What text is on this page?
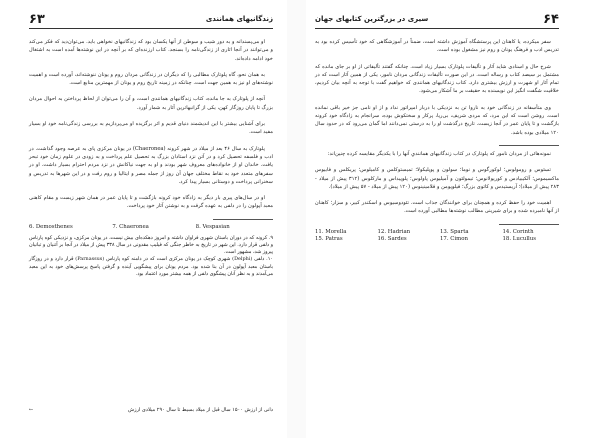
زندگانیهای همانندی
۶۳

او می‌پسندانه و به دور شیب و سوطن از آنها یکسان بود که زندگانیهای نخواهی باید. می‌توان‌دید که فکر می‌کند و می‌توانند در آنجا اثاری از زندگی‌نامه را بسنجد. کتاب ارزنده‌ای که بر آنچه در این نوشته‌ها آمده است به اشتغال خود ادامه داده‌اند.

به همان نحو، گاه پلوتارک مطالبی را که دیگران در زندگانی مردان روم و یونان ننوشته‌اند، آورده است و اهمیت نوشته‌های او نیز به همین جهت است. چنانکه در زمینه تاریخ روم و یونان از مهمترین منابع است.

آنچه از پلوتارک به جا مانده، کتاب زندگانیهای همانندی است، و آن را می‌توان از لحاظ پرداختن به احوال مردان بزرگ تا پایان روزگار کهن، یکی از گرانبهاترین آثار به شمار آورد.

برای آشنایی بیشتر با این اندیشمند دنیای قدیم و اثر برگزیده او می‌پردازیم به بررسی زندگی‌نامه خود او بسیار مفید است.

پلوتارک به سال ۴۶ بعد از میلاد در شهر کرونه (Chaeronea) در یونان مرکزی پای به عرصه وجود گذاشت. در ادب و فلسفه تحصیل کرد و در آتن نزد استادان بزرگ به تحصیل علم پرداخت و به زودی در علوم زمان خود تبحر یافت. خاندان او از خانواده‌های معروف شهر بودند و او به جهت نیاکانش در نزد مردم احترام بسیار داشت. او در سفرهای متعدد خود به نقاط مختلف جهان آن روز از جمله مصر و ایتالیا و روم رفت و در این شهرها به تدریس و سخنرانی پرداخت و دوستانی بسیار پیدا کرد.

او در سال‌های پیری بار دیگر به زادگاه خود کرونه بازگشت و تا پایان عمر در همان شهر زیست و مقام کاهنی معبد آپولون را در دلفی به عهده گرفت و به نوشتن آثار خود پرداخت.

6. Demosthenes	7. Chaeronea	8. Vespasian

۹. کرونه که در دوران باستان شهری فراوان داشته و امروز دهکده‌ای بیش نیست، در یونان مرکزی، و نزدیکی کوه پارناس و دلفی قرار دارد. این شهر در تاریخ به خاطر جنگی که فیلیپ مقدونی در سال ۳۳۸ پیش از میلاد در آنجا بر آتنیان و تبانیان پیروز شد، مشهور است.

۱۰. دلفی (Delphi) شهری کوچک در یونان مرکزی است که در دامنه کوه پارناس (Parnassus) قرار دارد و در روزگار باستان معبد آپولون در آن بنا شده بود. مردم یونان برای پیشگویی آینده و گرفتن پاسخ پرسش‌های خود به این معبد می‌آمدند و به نظر آنان پیشگوی دلفی از همه بیشتر مورد اعتماد بود.

دانی از ارزش ۱۵۰۰ سال قبل از میلاد بسیط تا سال ۲۹۰ میلادی ارزش
←
۶۴
سیری در بزرگترین کتابهای جهان

سفر میکرده، یا کاهنان این پرستشگاه آموزش داشته است، ضمناً در آموزشگاهی که خود تأسیس کرده بود به تدریس ادب و فرهنگ یونان و روم نیز مشغول بوده است.

شرح حال و اسنادی شاید آثار و تألیفات پلوتارک بسیار زیاد است. چنانکه گفتند تألیفاتی از او بر جای مانده که مشتمل بر سیصد کتاب و رساله است. در این صورت تألیفات زندگانی مردان نامور، یکی از همین آثار است که در تمام آثار او شهرت و ارزش بیشتری دارد. کتاب زندگانیهای همانندی که خواهیم گفت با توجه به آنچه بیان کردیم، خلاقیت شگفت انگیز این نویسنده به حقیقت بر ما آشکار می‌شود.

وی متأسفانه در زندگانی خود به ناروا تن به نزدیکی با دربار امپراتور نداد و از او نامی جز خیر باقی نمانده است. روشن است که این مرد، که مردی شریف، بی‌ریا، پرکار و سختکوش بوده، سرانجام به زادگاه خود کرونه بازگشت و تا پایان عمر در آنجا زیست. تاریخ درگذشت او را به درستی نمی‌دانند اما گمان می‌رود که در حدود سال ۱۲۰ میلادی بوده باشد.

نمونه‌هائی از مردان نامور که پلوتارک در کتاب زندگانیهای همانندیِ آنها را با یکدیگر مقایسه کرده چنین‌اند:

تسئوس و رومولوس؛ لوکورگوس و نوما؛ سولون و پوپلیکولا؛ تمیستوکلس و کامیلوس؛ پریکلس و فابیوس ماکسیموس؛ آلکیبیادس و کوریولانوس؛ تیمولئون و آمیلیوس پاولوس؛ پلوپیداس و مارکلوس (۳۱۲ پیش از میلاد - ۲۸۳ پیش از میلاد)؛ آریستیدس و کاتوی بزرگ؛ فیلوپومن و فلامینینوس (۱۲۰ پیش از میلاد - ۵۷ پیش از میلاد).

اهمیت خود را حفظ کرده و همچنان برای خوانندگان جذاب است. تئودوسیوس و اسکندر کبیر، و سزار؛ کاهنان از آنها نامبرده شده و برای شیرینی مطالب نوشته‌ها مطالبی آورده است.

11. Morella	12. Hadrian	13. Sparta	14. Corinth
15. Patras	16. Sardes	17. Cimon	18. Lucullus
